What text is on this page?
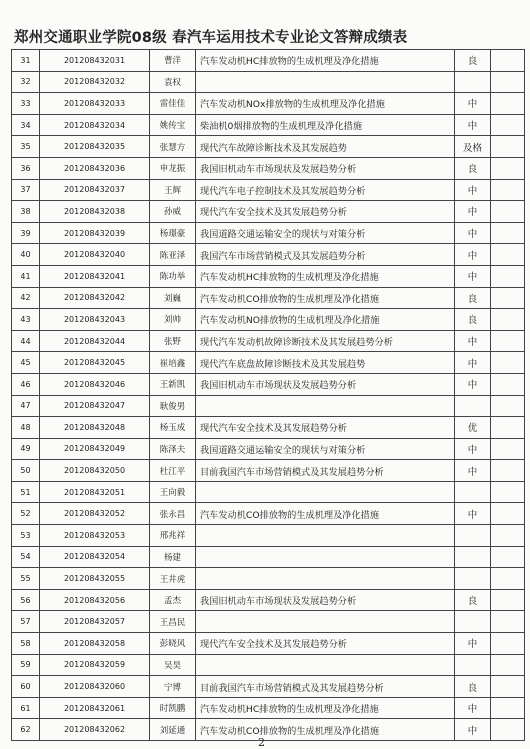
郑州交通职业学院08级 春汽车运用技术专业论文答辩成绩表
31	201208432031	曹洋	汽车发动机HC排放物的生成机理及净化措施	良	
32	201208432032	袁权			
33	201208432033	雷佳佳	汽车发动机NOx排放物的生成机理及净化措施	中	
34	201208432034	姚传宝	柴油机0烟排放物的生成机理及净化措施	中	
35	201208432035	张慧方	现代汽车故障诊断技术及其发展趋势	及格	
36	201208432036	申龙振	我国旧机动车市场现状及发展趋势分析	良	
37	201208432037	王辉	现代汽车电子控制技术及其发展趋势分析	中	
38	201208432038	孙威	现代汽车安全技术及其发展趋势分析	中	
39	201208432039	杨璟豪	我国道路交通运输安全的现状与对策分析	中	
40	201208432040	陈亚泽	我国汽车市场营销模式及其发展趋势分析	中	
41	201208432041	陈功举	汽车发动机HC排放物的生成机理及净化措施	中	
42	201208432042	刘巍	汽车发动机CO排放物的生成机理及净化措施	良	
43	201208432043	刘帅	汽车发动机NO排放物的生成机理及净化措施	良	
44	201208432044	张野	现代汽车发动机故障诊断技术及其发展趋势分析	中	
45	201208432045	崔培鑫	现代汽车底盘故障诊断技术及其发展趋势	中	
46	201208432046	王新凯	我国旧机动车市场现状及发展趋势分析	中	
47	201208432047	耿俊男			
48	201208432048	杨玉成	现代汽车安全技术及其发展趋势分析	优	
49	201208432049	陈泽夫	我国道路交通运输安全的现状与对策分析	中	
50	201208432050	杜江平	目前我国汽车市场营销模式及其发展趋势分析	中	
51	201208432051	王向毅			
52	201208432052	张永昌	汽车发动机CO排放物的生成机理及净化措施	中	
53	201208432053	邢兆祥			
54	201208432054	杨建			
55	201208432055	王井虎			
56	201208432056	孟杰	我国旧机动车市场现状及发展趋势分析	良	
57	201208432057	王昌民			
58	201208432058	彭晓风	现代汽车安全技术及其发展趋势分析	中	
59	201208432059	吴昊			
60	201208432060	宁博	目前我国汽车市场营销模式及其发展趋势分析	良	
61	201208432061	时凯鹏	汽车发动机HC排放物的生成机理及净化措施	中	
62	201208432062	刘延通	汽车发动机CO排放物的生成机理及净化措施	中	
2
